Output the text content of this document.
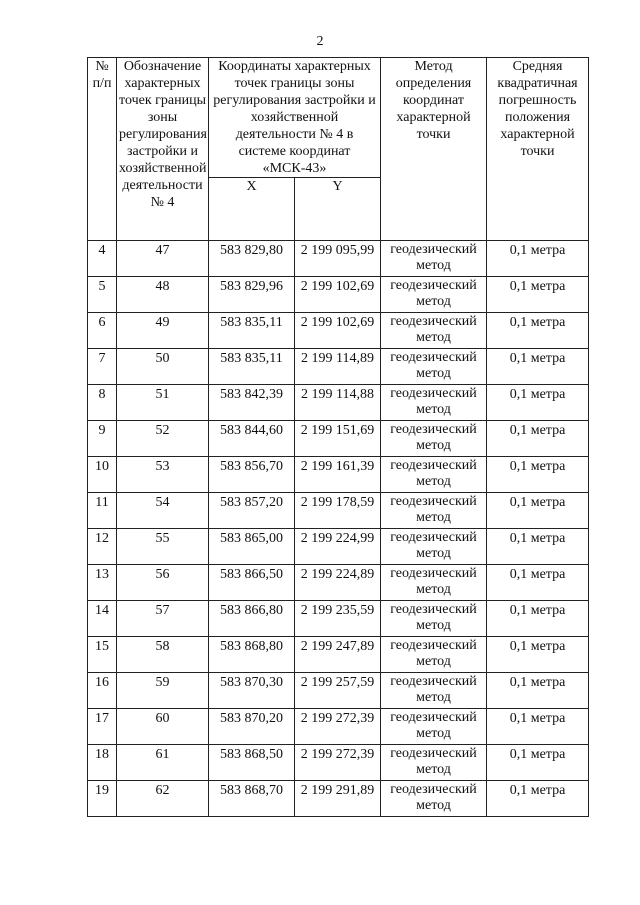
2
№ п/п	Обозначение характерных точек границы зоны регулирования застройки и хозяйственной деятельности № 4	Координаты характерных точек границы зоны регулирования застройки и хозяйственной деятельности № 4 в системе координат «МСК-43»		Метод определения координат характерной точки	Средняя квадратичная погрешность положения характерной точки
		X	Y		
4	47	583 829,80	2 199 095,99	геодезический метод	0,1 метра
5	48	583 829,96	2 199 102,69	геодезический метод	0,1 метра
6	49	583 835,11	2 199 102,69	геодезический метод	0,1 метра
7	50	583 835,11	2 199 114,89	геодезический метод	0,1 метра
8	51	583 842,39	2 199 114,88	геодезический метод	0,1 метра
9	52	583 844,60	2 199 151,69	геодезический метод	0,1 метра
10	53	583 856,70	2 199 161,39	геодезический метод	0,1 метра
11	54	583 857,20	2 199 178,59	геодезический метод	0,1 метра
12	55	583 865,00	2 199 224,99	геодезический метод	0,1 метра
13	56	583 866,50	2 199 224,89	геодезический метод	0,1 метра
14	57	583 866,80	2 199 235,59	геодезический метод	0,1 метра
15	58	583 868,80	2 199 247,89	геодезический метод	0,1 метра
16	59	583 870,30	2 199 257,59	геодезический метод	0,1 метра
17	60	583 870,20	2 199 272,39	геодезический метод	0,1 метра
18	61	583 868,50	2 199 272,39	геодезический метод	0,1 метра
19	62	583 868,70	2 199 291,89	геодезический метод	0,1 метра
